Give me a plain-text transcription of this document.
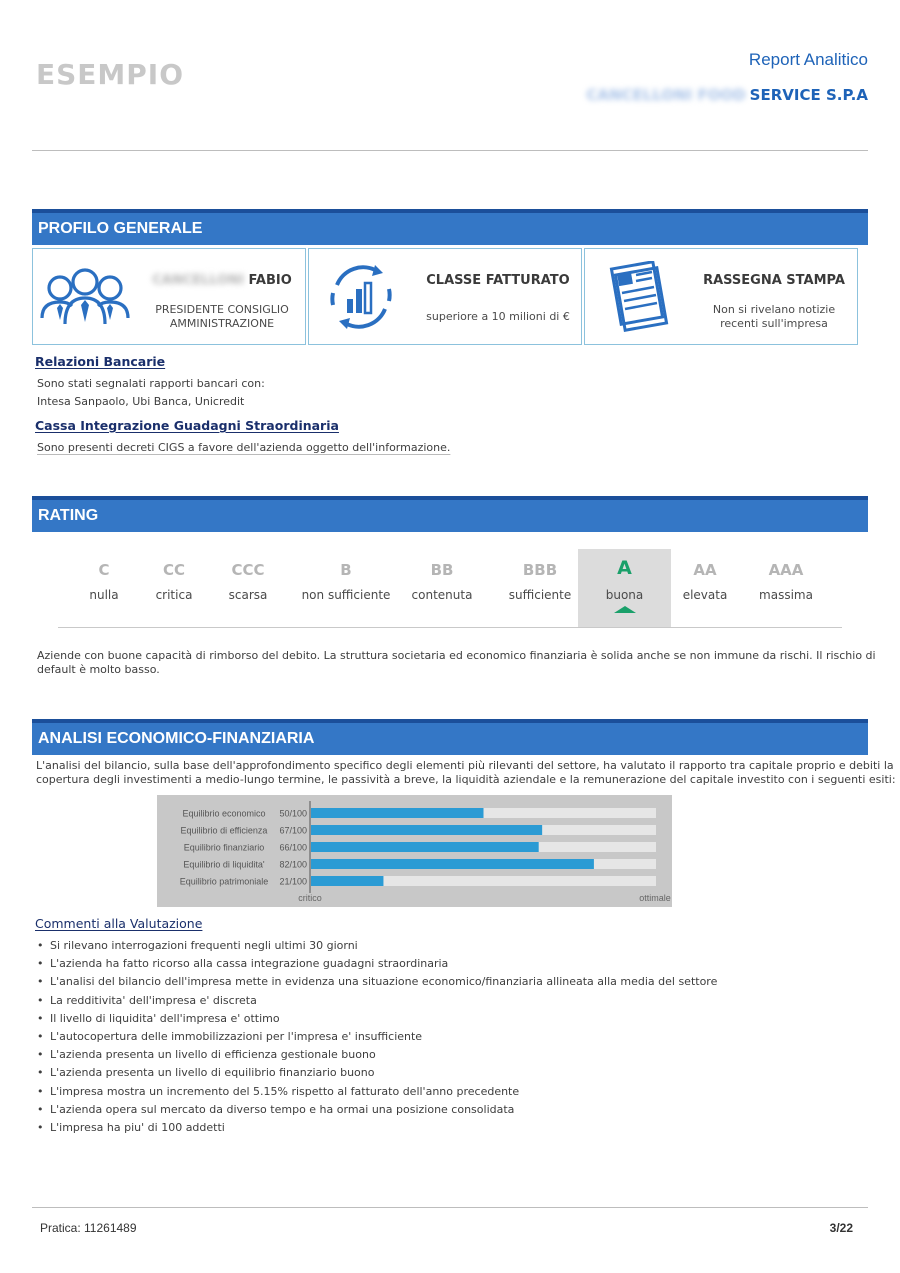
ESEMPIO	Report Analitico
CANCELLONI FOOD SERVICE S.P.A
PROFILO GENERALE
CANCELLONI FABIO
PRESIDENTE CONSIGLIO
AMMINISTRAZIONE
CLASSE FATTURATO
superiore a 10 milioni di €
RASSEGNA STAMPA
Non si rivelano notizie
recenti sull'impresa
Relazioni Bancarie
Sono stati segnalati rapporti bancari con:
Intesa Sanpaolo, Ubi Banca, Unicredit
Cassa Integrazione Guadagni Straordinaria
Sono presenti decreti CIGS a favore dell'azienda oggetto dell'informazione.
RATING
C
nulla
CC
critica
CCC
scarsa
B
non sufficiente
BB
contenuta
BBB
sufficiente
A
buona
AA
elevata
AAA
massima
Aziende con buone capacità di rimborso del debito. La struttura societaria ed economico finanziaria è solida anche se non immune da rischi. Il rischio di
default è molto basso.
ANALISI ECONOMICO-FINANZIARIA
L'analisi del bilancio, sulla base dell'approfondimento specifico degli elementi più rilevanti del settore, ha valutato il rapporto tra capitale proprio e debiti la
copertura degli investimenti a medio-lungo termine, le passività a breve, la liquidità aziendale e la remunerazione del capitale investito con i seguenti esiti:
Equilibrio economico 50/100
Equilibrio di efficienza 67/100
Equilibrio finanziario 66/100
Equilibrio di liquidita' 82/100
Equilibrio patrimoniale 21/100
critico	ottimale
Commenti alla Valutazione
• Si rilevano interrogazioni frequenti negli ultimi 30 giorni
• L'azienda ha fatto ricorso alla cassa integrazione guadagni straordinaria
• L'analisi del bilancio dell'impresa mette in evidenza una situazione economico/finanziaria allineata alla media del settore
• La redditivita' dell'impresa e' discreta
• Il livello di liquidita' dell'impresa e' ottimo
• L'autocopertura delle immobilizzazioni per l'impresa e' insufficiente
• L'azienda presenta un livello di efficienza gestionale buono
• L'azienda presenta un livello di equilibrio finanziario buono
• L'impresa mostra un incremento del 5.15% rispetto al fatturato dell'anno precedente
• L'azienda opera sul mercato da diverso tempo e ha ormai una posizione consolidata
• L'impresa ha piu' di 100 addetti
Pratica: 11261489	3/22
